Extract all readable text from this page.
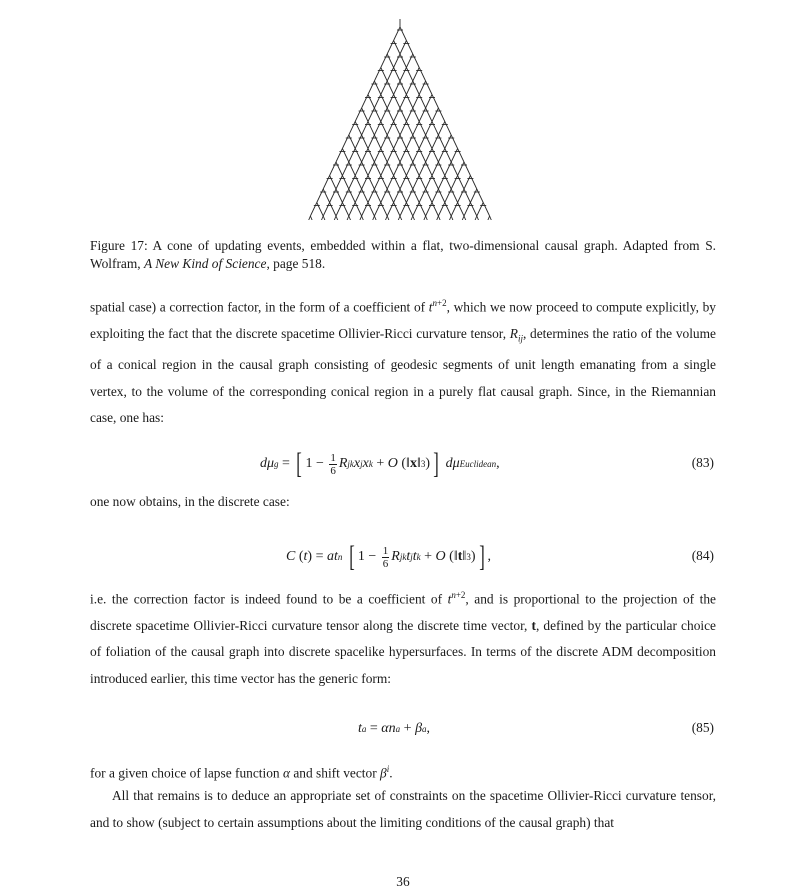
Figure 17: A cone of updating events, embedded within a flat, two-dimensional causal graph. Adapted from S. Wolfram, A New Kind of Science, page 518.
spatial case) a correction factor, in the form of a coefficient of $t^{n+2}$, which we now proceed to compute explicitly, by exploiting the fact that the discrete spacetime Ollivier-Ricci curvature tensor, $R_{ij}$, determines the ratio of the volume of a conical region in the causal graph consisting of geodesic segments of unit length emanating from a single vertex, to the volume of the corresponding conical region in a purely flat causal graph. Since, in the Riemannian case, one has:
dμ g = [ $1 - \frac{1}{6}$ R jk x j x k + O (‖ x ‖ 3 ) ]
dμ Euclidean ,	(83)
one now obtains, in the discrete case:
C ( t ) = at n
[ $1 - \frac{1}{6}$ R jk t j t k + O (‖ t ‖ 3 ) ] ,	(84)
i.e. the correction factor is indeed found to be a coefficient of $t^{n+2}$, and is proportional to the projection of the discrete spacetime Ollivier-Ricci curvature tensor along the discrete time vector, t, defined by the particular choice of foliation of the causal graph into discrete spacelike hypersurfaces. In terms of the discrete ADM decomposition introduced earlier, this time vector has the generic form:
t a = αn a + β a ,	(85)
for a given choice of lapse function α and shift vector $\beta^i$.
All that remains is to deduce an appropriate set of constraints on the spacetime Ollivier-Ricci curvature tensor, and to show (subject to certain assumptions about the limiting conditions of the causal graph) that
36
